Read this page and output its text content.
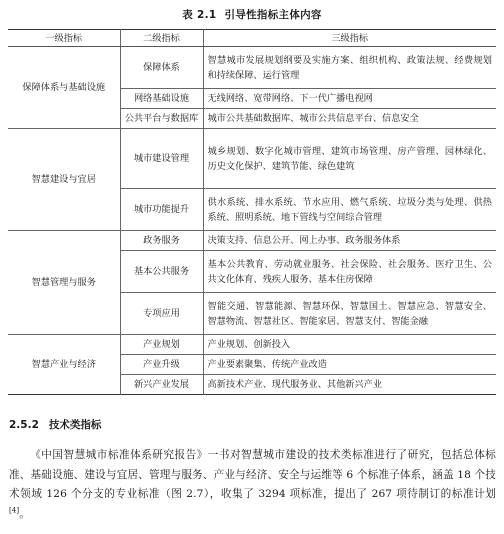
表 2.1 引导性指标主体内容
一级指标	二级指标	三级指标
保障体系与基础设施	保障体系	智慧城市发展规划纲要及实施方案、组织机构、政策法规、经费规划和持续保障、运行管理
	网络基础设施	无线网络、宽带网络、下一代广播电视网
	公共平台与数据库	城市公共基础数据库、城市公共信息平台、信息安全
智慧建设与宜居	城市建设管理	城乡规划、数字化城市管理、建筑市场管理、房产管理、园林绿化、历史文化保护、建筑节能、绿色建筑
	城市功能提升	供水系统、排水系统、节水应用、燃气系统、垃圾分类与处理、供热系统、照明系统、地下管线与空间综合管理
智慧管理与服务	政务服务	决策支持、信息公开、网上办事、政务服务体系
	基本公共服务	基本公共教育、劳动就业服务、社会保险、社会服务、医疗卫生、公共文化体育、残疾人服务、基本住房保障
	专项应用	智能交通、智慧能源、智慧环保、智慧国土、智慧应急、智慧安全、智慧物流、智慧社区、智能家居、智慧支付、智能金融
智慧产业与经济	产业规划	产业规划、创新投入
	产业升级	产业要素聚集、传统产业改造
	新兴产业发展	高新技术产业、现代服务业、其他新兴产业
2.5.2 技术类指标

《中国智慧城市标准体系研究报告》一书对智慧城市建设的技术类标准进行了研究，包括总体标准、基础设施、建设与宜居、管理与服务、产业与经济、安全与运维等 6 个标准子体系，涵盖 18 个技术领域 126 个分支的专业标准（图 2.7），收集了 3294 项标准，提出了 267 项待制订的标准计划[4]。
